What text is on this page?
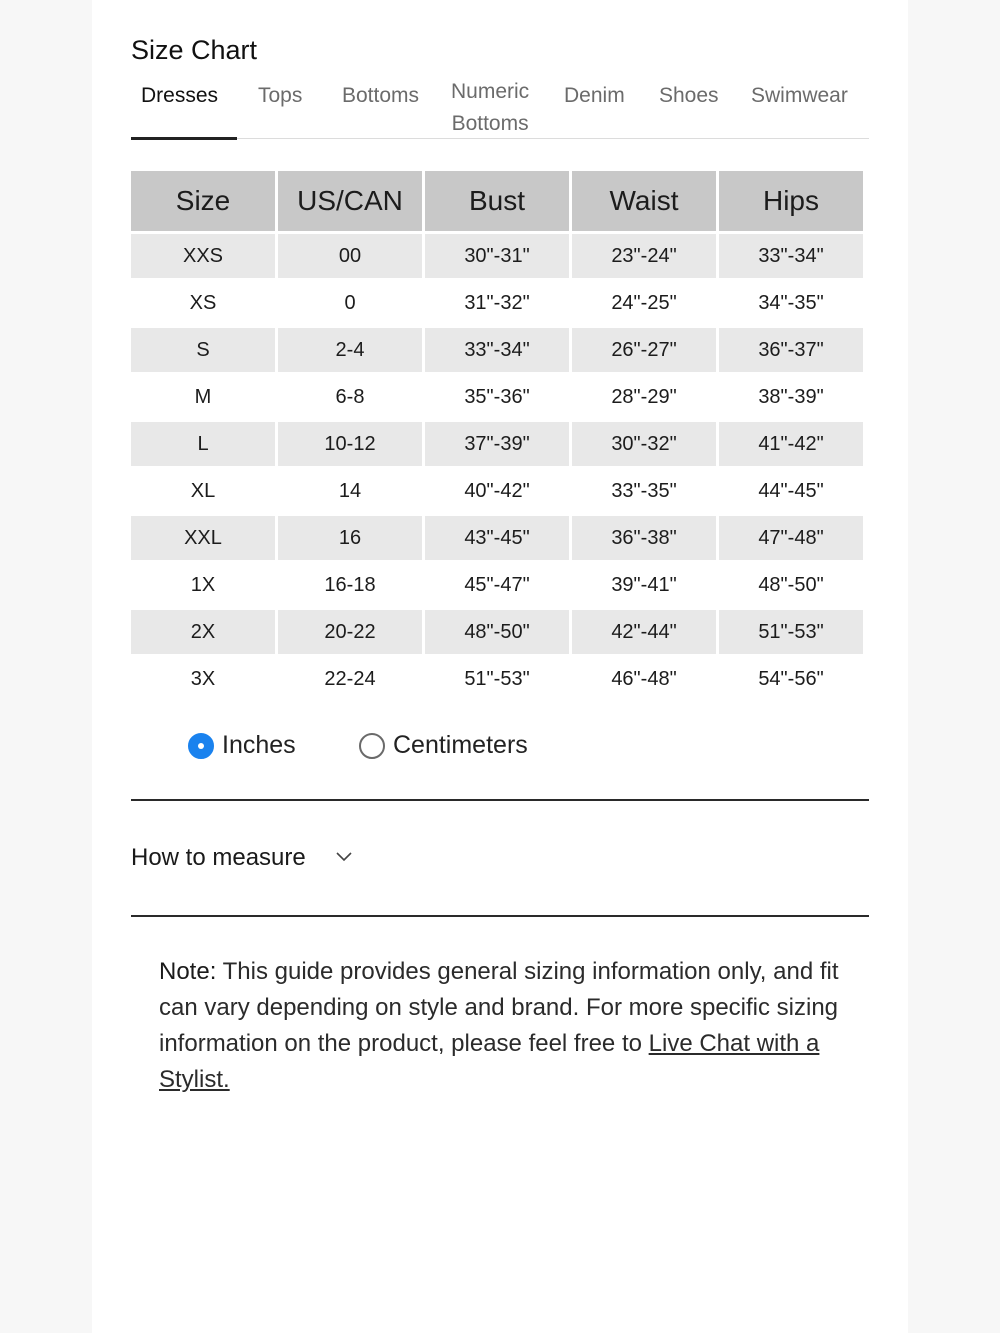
Size Chart
Dresses Tops Bottoms Numeric
Bottoms
Denim Shoes Swimwear
Size	US/CAN	Bust	Waist	Hips
XXS	00	30"-31"	23"-24"	33"-34"
XS	0	31"-32"	24"-25"	34"-35"
S	2-4	33"-34"	26"-27"	36"-37"
M	6-8	35"-36"	28"-29"	38"-39"
L	10-12	37"-39"	30"-32"	41"-42"
XL	14	40"-42"	33"-35"	44"-45"
XXL	16	43"-45"	36"-38"	47"-48"
1X	16-18	45"-47"	39"-41"	48"-50"
2X	20-22	48"-50"	42"-44"	51"-53"
3X	22-24	51"-53"	46"-48"	54"-56"
Inches	Centimeters
How to measure
Note: This guide provides general sizing information only, and fit can vary depending on style and brand. For more specific sizing information on the product, please feel free to Live Chat with a Stylist.
